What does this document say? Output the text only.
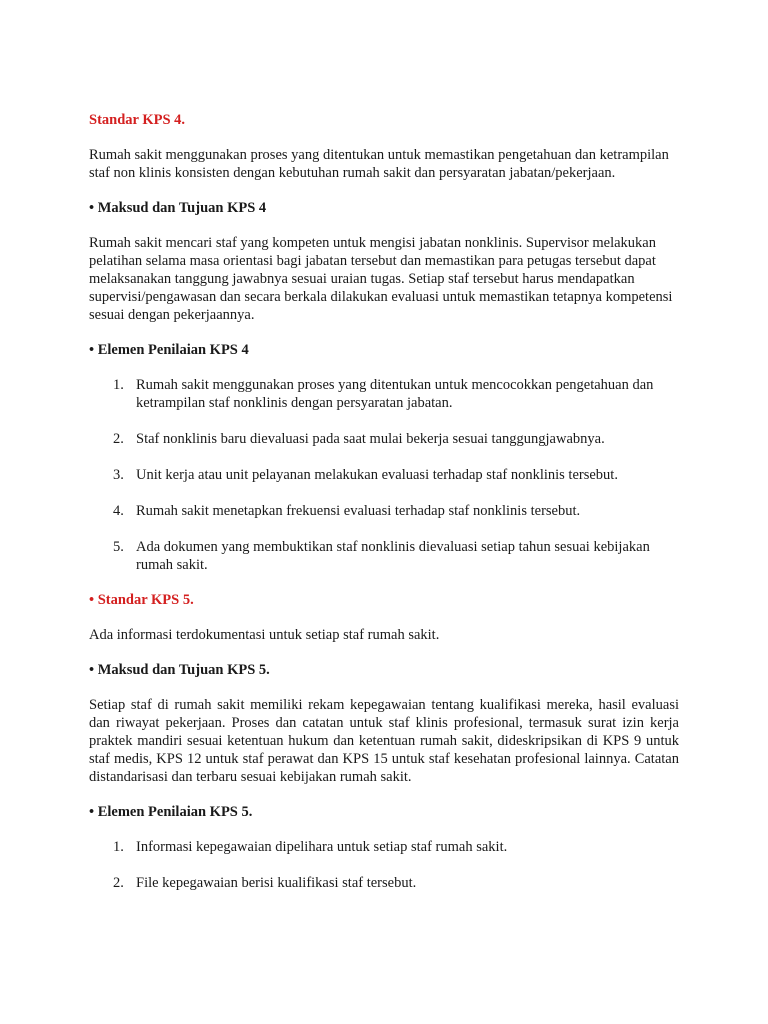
Standar KPS 4.

Rumah sakit menggunakan proses yang ditentukan untuk memastikan pengetahuan dan ketrampilan staf non klinis konsisten dengan kebutuhan rumah sakit dan persyaratan jabatan/pekerjaan.

• Maksud dan Tujuan KPS 4

Rumah sakit mencari staf yang kompeten untuk mengisi jabatan nonklinis. Supervisor melakukan pelatihan selama masa orientasi bagi jabatan tersebut dan memastikan para petugas tersebut dapat melaksanakan tanggung jawabnya sesuai uraian tugas. Setiap staf tersebut harus mendapatkan supervisi/pengawasan dan secara berkala dilakukan evaluasi untuk memastikan tetapnya kompetensi sesuai dengan pekerjaannya.

• Elemen Penilaian KPS 4

1. Rumah sakit menggunakan proses yang ditentukan untuk mencocokkan pengetahuan dan ketrampilan staf nonklinis dengan persyaratan jabatan.
2. Staf nonklinis baru dievaluasi pada saat mulai bekerja sesuai tanggungjawabnya.
3. Unit kerja atau unit pelayanan melakukan evaluasi terhadap staf nonklinis tersebut.
4. Rumah sakit menetapkan frekuensi evaluasi terhadap staf nonklinis tersebut.
5. Ada dokumen yang membuktikan staf nonklinis dievaluasi setiap tahun sesuai kebijakan rumah sakit.

• Standar KPS 5.

Ada informasi terdokumentasi untuk setiap staf rumah sakit.

• Maksud dan Tujuan KPS 5.

Setiap staf di rumah sakit memiliki rekam kepegawaian tentang kualifikasi mereka, hasil evaluasi dan riwayat pekerjaan. Proses dan catatan untuk staf klinis profesional, termasuk surat izin kerja praktek mandiri sesuai ketentuan hukum dan ketentuan rumah sakit, dideskripsikan di KPS 9 untuk staf medis, KPS 12 untuk staf perawat dan KPS 15 untuk staf kesehatan profesional lainnya. Catatan distandarisasi dan terbaru sesuai kebijakan rumah sakit.

• Elemen Penilaian KPS 5.

1. Informasi kepegawaian dipelihara untuk setiap staf rumah sakit.
2. File kepegawaian berisi kualifikasi staf tersebut.
